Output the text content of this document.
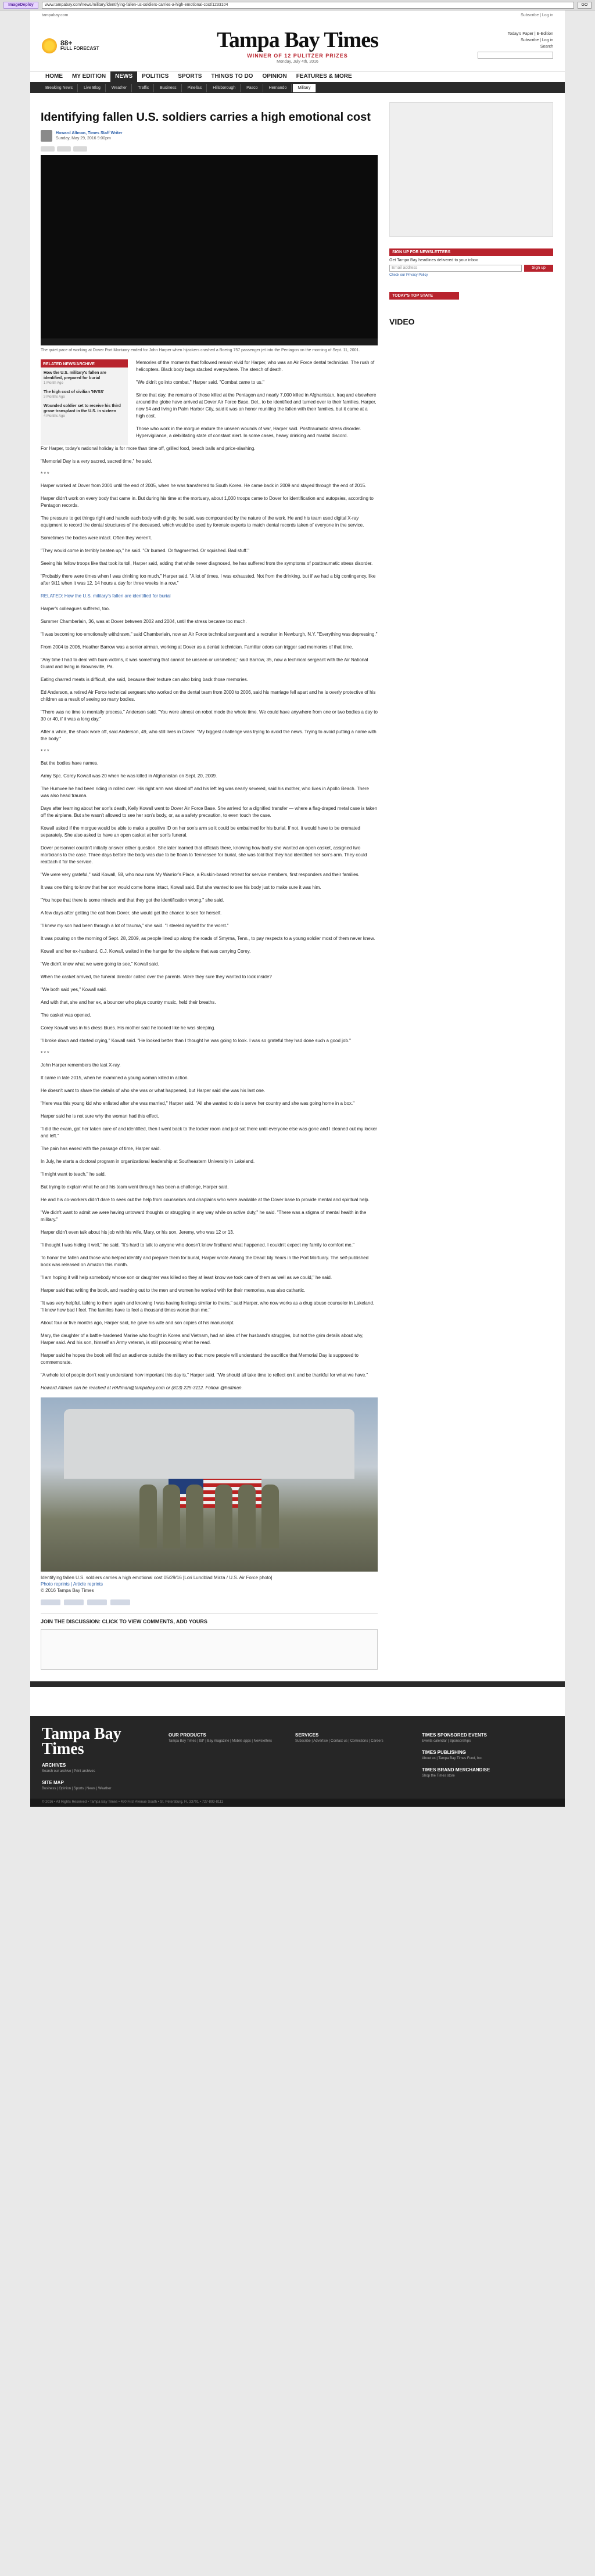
ImageDeploy	www.tampabay.com/news/military/identifying-fallen-us-soldiers-carries-a-high-emotional-cost/1233104	GO
tampabay.com	Subscribe | Log in
88+
FULL FORECAST	Tampa Bay Times
WINNER OF 12 PULITZER PRIZES
Monday, July 4th, 2016
Today's Paper | E-Edition
Subscribe | Log in
Search
HOME	MY EDITION	NEWS	POLITICS	SPORTS	THINGS TO DO	OPINION	FEATURES & MORE
Breaking News	Live Blog	Weather	Traffic	Business	Pinellas	Hillsborough	Pasco	Hernando	Military
Identifying fallen U.S. soldiers carries a high emotional cost
Howard Altman, Times Staff Writer
Sunday, May 29, 2016 9:00pm

The quiet pace of working at Dover Port Mortuary ended for John Harper when hijackers crashed a Boeing 757 passenger jet into the Pentagon on the morning of Sept. 11, 2001.

RELATED NEWS/ARCHIVE
How the U.S. military's fallen are identified, prepared for burial
1 Month Ago
The high cost of civilian 'NVSS'
3 Months Ago
Wounded soldier set to receive his third grave transplant in the U.S. in sixteen
4 Months Ago

Memories of the moments that followed remain vivid for Harper, who was an Air Force dental technician. The rush of helicopters. Black body bags stacked everywhere. The stench of death.

"We didn't go into combat," Harper said. "Combat came to us."

Since that day, the remains of those killed at the Pentagon and nearly 7,000 killed in Afghanistan, Iraq and elsewhere around the globe have arrived at Dover Air Force Base, Del., to be identified and turned over to their families. Harper, now 54 and living in Palm Harbor City, said it was an honor reuniting the fallen with their families, but it came at a high cost.

Those who work in the morgue endure the unseen wounds of war, Harper said. Posttraumatic stress disorder. Hypervigilance, a debilitating state of constant alert. In some cases, heavy drinking and marital discord.

For Harper, today's national holiday is for more than time off, grilled food, beach balls and price-slashing.

"Memorial Day is a very sacred, sacred time," he said.

***

Harper worked at Dover from 2001 until the end of 2005, when he was transferred to South Korea. He came back in 2009 and stayed through the end of 2015.

Harper didn't work on every body that came in. But during his time at the mortuary, about 1,000 troops came to Dover for identification and autopsies, according to Pentagon records.

The pressure to get things right and handle each body with dignity, he said, was compounded by the nature of the work. He and his team used digital X-ray equipment to record the dental structures of the deceased, which would be used by forensic experts to match dental records taken of everyone in the service.

Sometimes the bodies were intact. Often they weren't.

"They would come in terribly beaten up," he said. "Or burned. Or fragmented. Or squished. Bad stuff."

Seeing his fellow troops like that took its toll, Harper said, adding that while never diagnosed, he has suffered from the symptoms of posttraumatic stress disorder.

"Probably there were times when I was drinking too much," Harper said. "A lot of times, I was exhausted. Not from the drinking, but if we had a big contingency, like after 9/11 when it was 12, 14 hours a day for three weeks in a row."

RELATED: How the U.S. military's fallen are identified for burial

Harper's colleagues suffered, too.

Summer Chamberlain, 36, was at Dover between 2002 and 2004, until the stress became too much.

"I was becoming too emotionally withdrawn," said Chamberlain, now an Air Force technical sergeant and a recruiter in Newburgh, N.Y. "Everything was depressing."

From 2004 to 2006, Heather Barrow was a senior airman, working at Dover as a dental technician. Familiar odors can trigger sad memories of that time.

"Any time I had to deal with burn victims, it was something that cannot be unseen or unsmelled," said Barrow, 35, now a technical sergeant with the Air National Guard and living in Brownsville, Pa.

Eating charred meats is difficult, she said, because their texture can also bring back those memories.

Ed Anderson, a retired Air Force technical sergeant who worked on the dental team from 2000 to 2006, said his marriage fell apart and he is overly protective of his children as a result of seeing so many bodies.

"There was no time to mentally process," Anderson said. "You were almost on robot mode the whole time. We could have anywhere from one or two bodies a day to 30 or 40, if it was a long day."

After a while, the shock wore off, said Anderson, 49, who still lives in Dover. "My biggest challenge was trying to avoid the news. Trying to avoid putting a name with the body."

***

But the bodies have names.

Army Spc. Corey Kowall was 20 when he was killed in Afghanistan on Sept. 20, 2009.

The Humvee he had been riding in rolled over. His right arm was sliced off and his left leg was nearly severed, said his mother, who lives in Apollo Beach. There was also head trauma.

Days after learning about her son's death, Kelly Kowall went to Dover Air Force Base. She arrived for a dignified transfer — where a flag-draped metal case is taken off the airplane. But she wasn't allowed to see her son's body, or, as a safety precaution, to even touch the case.

Kowall asked if the morgue would be able to make a positive ID on her son's arm so it could be embalmed for his burial. If not, it would have to be cremated separately. She also asked to have an open casket at her son's funeral.

Dover personnel couldn't initially answer either question. She later learned that officials there, knowing how badly she wanted an open casket, assigned two morticians to the case. Three days before the body was due to be flown to Tennessee for burial, she was told that they had identified her son's arm. They could reattach it for the service.

"We were very grateful," said Kowall, 58, who now runs My Warrior's Place, a Ruskin-based retreat for service members, first responders and their families.

It was one thing to know that her son would come home intact, Kowall said. But she wanted to see his body just to make sure it was him.

"You hope that there is some miracle and that they got the identification wrong," she said.

A few days after getting the call from Dover, she would get the chance to see for herself.

"I knew my son had been through a lot of trauma," she said. "I steeled myself for the worst."

It was pouring on the morning of Sept. 28, 2009, as people lined up along the roads of Smyrna, Tenn., to pay respects to a young soldier most of them never knew.

Kowall and her ex-husband, C.J. Kowall, waited in the hangar for the airplane that was carrying Corey.

"We didn't know what we were going to see," Kowall said.

When the casket arrived, the funeral director called over the parents. Were they sure they wanted to look inside?

"We both said yes," Kowall said.

And with that, she and her ex, a bouncer who plays country music, held their breaths.

The casket was opened.

Corey Kowall was in his dress blues. His mother said he looked like he was sleeping.

"I broke down and started crying," Kowall said. "He looked better than I thought he was going to look. I was so grateful they had done such a good job."

***

John Harper remembers the last X-ray.

It came in late 2015, when he examined a young woman killed in action.

He doesn't want to share the details of who she was or what happened, but Harper said she was his last one.

"Here was this young kid who enlisted after she was married," Harper said. "All she wanted to do is serve her country and she was going home in a box."

Harper said he is not sure why the woman had this effect.

"I did the exam, got her taken care of and identified, then I went back to the locker room and just sat there until everyone else was gone and I cleaned out my locker and left."

The pain has eased with the passage of time, Harper said.

In July, he starts a doctoral program in organizational leadership at Southeastern University in Lakeland.

"I might want to teach," he said.

But trying to explain what he and his team went through has been a challenge, Harper said.

He and his co-workers didn't dare to seek out the help from counselors and chaplains who were available at the Dover base to provide mental and spiritual help.

"We didn't want to admit we were having untoward thoughts or struggling in any way while on active duty," he said. "There was a stigma of mental health in the military."

Harper didn't even talk about his job with his wife, Mary, or his son, Jeremy, who was 12 or 13.

"I thought I was hiding it well," he said. "It's hard to talk to anyone who doesn't know firsthand what happened. I couldn't expect my family to comfort me."

To honor the fallen and those who helped identify and prepare them for burial, Harper wrote Among the Dead: My Years in the Port Mortuary. The self-published book was released on Amazon this month.

"I am hoping it will help somebody whose son or daughter was killed so they at least know we took care of them as well as we could," he said.

Harper said that writing the book, and reaching out to the men and women he worked with for their memories, was also cathartic.

"It was very helpful, talking to them again and knowing I was having feelings similar to theirs," said Harper, who now works as a drug abuse counselor in Lakeland. "I know how bad I feel. The families have to feel a thousand times worse than me."

About four or five months ago, Harper said, he gave his wife and son copies of his manuscript.

Mary, the daughter of a battle-hardened Marine who fought in Korea and Vietnam, had an idea of her husband's struggles, but not the grim details about why, Harper said. And his son, himself an Army veteran, is still processing what he read.

Harper said he hopes the book will find an audience outside the military so that more people will understand the sacrifice that Memorial Day is supposed to commemorate.

"A whole lot of people don't really understand how important this day is," Harper said. "We should all take time to reflect on it and be thankful for what we have."

Howard Altman can be reached at HAltman@tampabay.com or (813) 225-3112. Follow @haltman.

Identifying fallen U.S. soldiers carries a high emotional cost 05/29/16 [Lori Lundblad Mirza / U.S. Air Force photo]
Photo reprints | Article reprints
© 2016 Tampa Bay Times
JOIN THE DISCUSSION: CLICK TO VIEW COMMENTS, ADD YOURS
SIGN UP FOR NEWSLETTERS
Get Tampa Bay headlines delivered to your inbox
Email address	Sign up
Check our Privacy Policy
TODAY'S TOP STATE
VIDEO
Tampa Bay Times
ARCHIVES
Search our archive | Print archives
SITE MAP
Business | Opinion | Sports | News | Weather
OUR PRODUCTS
Tampa Bay Times | tbt* | Bay magazine | Mobile apps | Newsletters
SERVICES
Subscribe | Advertise | Contact us | Corrections | Careers
TIMES SPONSORED EVENTS
Events calendar | Sponsorships
TIMES PUBLISHING
About us | Tampa Bay Times Fund, Inc.
TIMES BRAND MERCHANDISE
Shop the Times store
© 2016 • All Rights Reserved • Tampa Bay Times • 490 First Avenue South • St. Petersburg, FL 33701 • 727-893-8111
